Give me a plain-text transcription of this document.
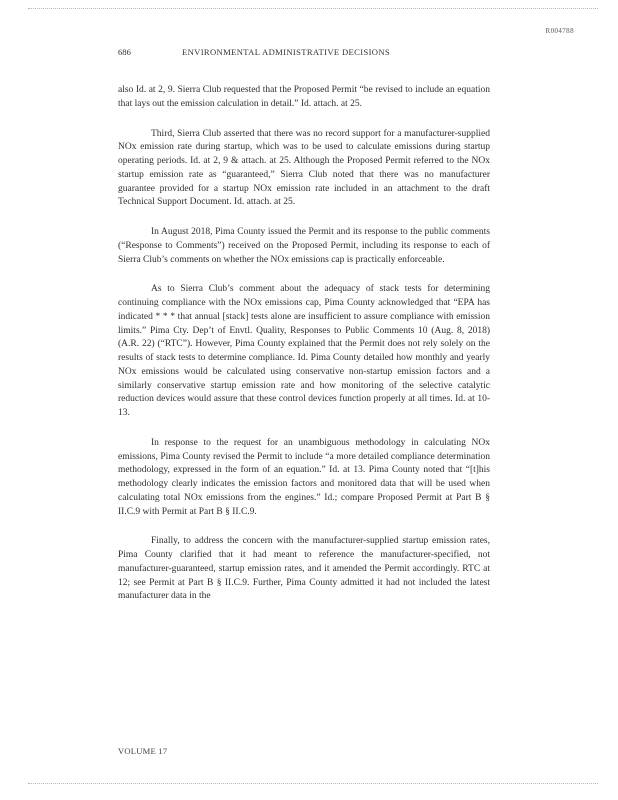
R004788
686	ENVIRONMENTAL ADMINISTRATIVE DECISIONS

also Id. at 2, 9. Sierra Club requested that the Proposed Permit “be revised to include an equation that lays out the emission calculation in detail.” Id. attach. at 25.

Third, Sierra Club asserted that there was no record support for a manufacturer-supplied NOx emission rate during startup, which was to be used to calculate emissions during startup operating periods. Id. at 2, 9 & attach. at 25. Although the Proposed Permit referred to the NOx startup emission rate as “guaranteed,” Sierra Club noted that there was no manufacturer guarantee provided for a startup NOx emission rate included in an attachment to the draft Technical Support Document. Id. attach. at 25.

In August 2018, Pima County issued the Permit and its response to the public comments (“Response to Comments”) received on the Proposed Permit, including its response to each of Sierra Club’s comments on whether the NOx emissions cap is practically enforceable.

As to Sierra Club’s comment about the adequacy of stack tests for determining continuing compliance with the NOx emissions cap, Pima County acknowledged that “EPA has indicated * * * that annual [stack] tests alone are insufficient to assure compliance with emission limits.” Pima Cty. Dep’t of Envtl. Quality, Responses to Public Comments 10 (Aug. 8, 2018) (A.R. 22) (“RTC”). However, Pima County explained that the Permit does not rely solely on the results of stack tests to determine compliance. Id. Pima County detailed how monthly and yearly NOx emissions would be calculated using conservative non-startup emission factors and a similarly conservative startup emission rate and how monitoring of the selective catalytic reduction devices would assure that these control devices function properly at all times. Id. at 10-13.

In response to the request for an unambiguous methodology in calculating NOx emissions, Pima County revised the Permit to include “a more detailed compliance determination methodology, expressed in the form of an equation.” Id. at 13. Pima County noted that “[t]his methodology clearly indicates the emission factors and monitored data that will be used when calculating total NOx emissions from the engines.” Id.; compare Proposed Permit at Part B § II.C.9 with Permit at Part B § II.C.9.

Finally, to address the concern with the manufacturer-supplied startup emission rates, Pima County clarified that it had meant to reference the manufacturer-specified, not manufacturer-guaranteed, startup emission rates, and it amended the Permit accordingly. RTC at 12; see Permit at Part B § II.C.9. Further, Pima County admitted it had not included the latest manufacturer data in the

VOLUME 17
